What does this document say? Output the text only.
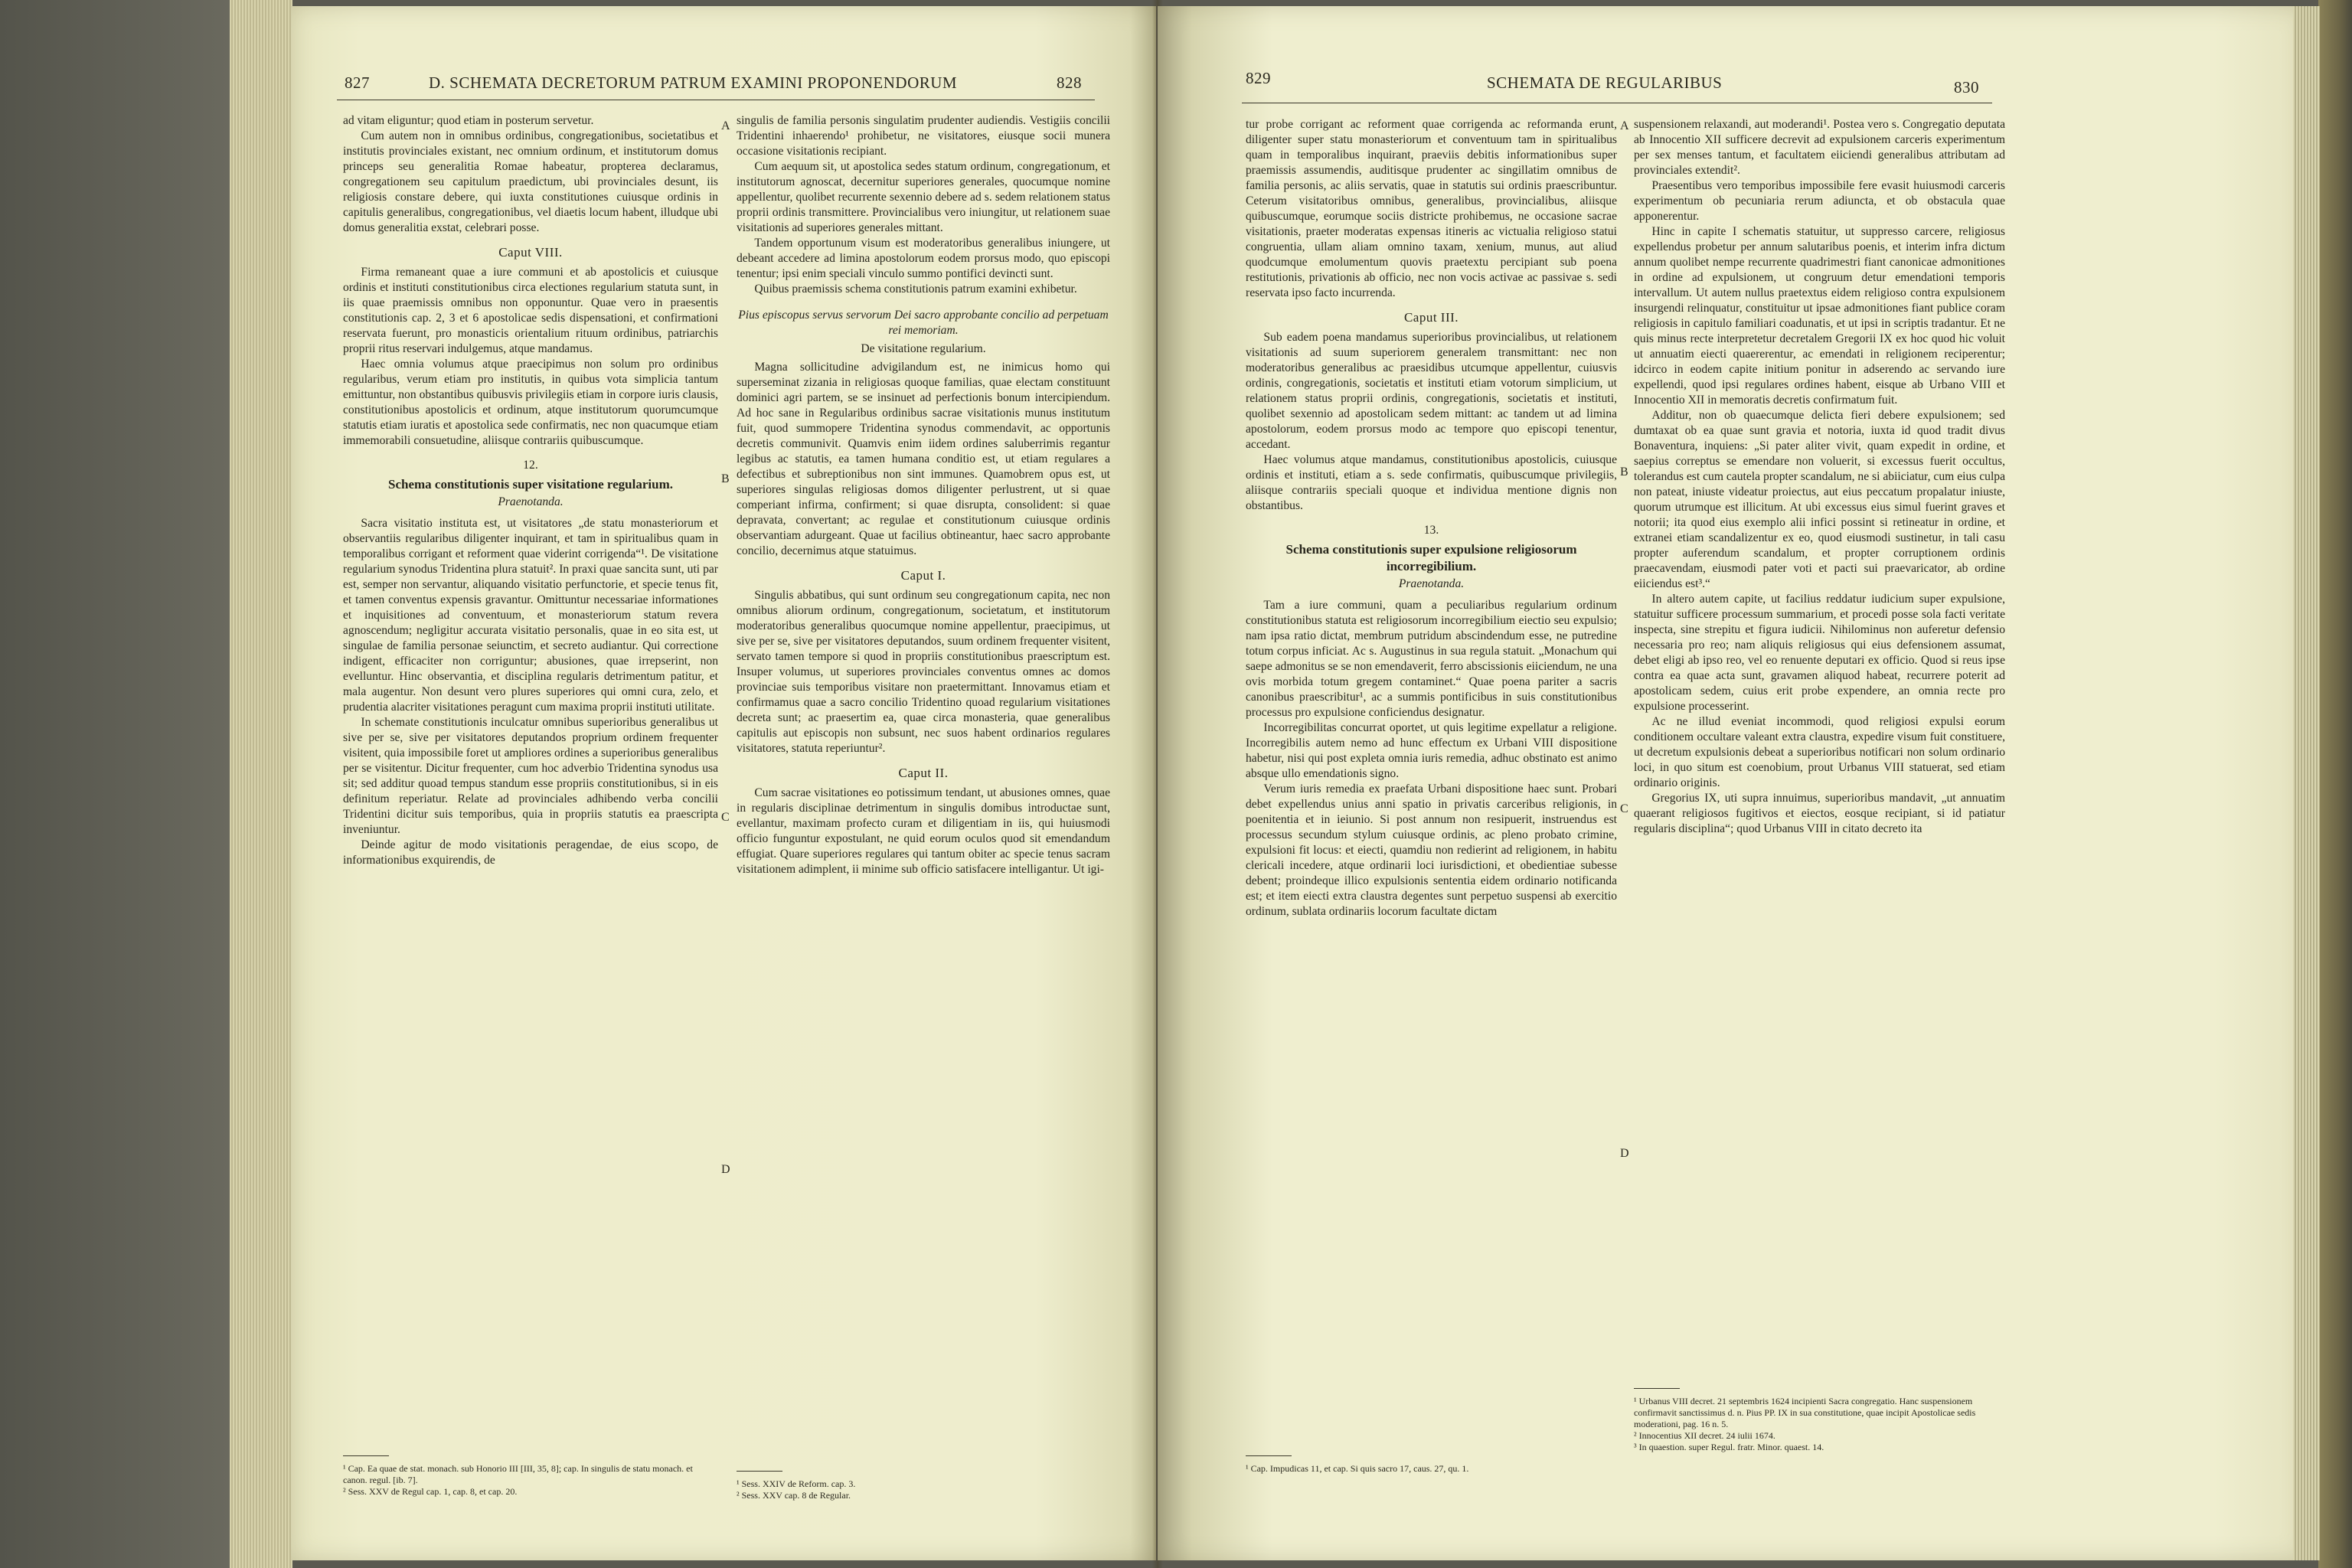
827	D. SCHEMATA DECRETORUM PATRUM EXAMINI PROPONENDORUM	828

ad vitam eliguntur; quod etiam in posterum servetur.

Cum autem non in omnibus ordinibus, congregationibus, societatibus et institutis provinciales existant, nec omnium ordinum, et institutorum domus princeps seu generalitia Romae habeatur, propterea declaramus, congregationem seu capitulum praedictum, ubi provinciales desunt, iis religiosis constare debere, qui iuxta constitutiones cuiusque ordinis in capitulis generalibus, congregationibus, vel diaetis locum habent, illudque ubi domus generalitia exstat, celebrari posse.

Caput VIII.

Firma remaneant quae a iure communi et ab apostolicis et cuiusque ordinis et instituti constitutionibus circa electiones regularium statuta sunt, in iis quae praemissis omnibus non opponuntur. Quae vero in praesentis constitutionis cap. 2, 3 et 6 apostolicae sedis dispensationi, et confirmationi reservata fuerunt, pro monasticis orientalium rituum ordinibus, patriarchis proprii ritus reservari indulgemus, atque mandamus.

Haec omnia volumus atque praecipimus non solum pro ordinibus regularibus, verum etiam pro institutis, in quibus vota simplicia tantum emittuntur, non obstantibus quibusvis privilegiis etiam in corpore iuris clausis, constitutionibus apostolicis et ordinum, atque institutorum quorumcumque statutis etiam iuratis et apostolica sede confirmatis, nec non quacumque etiam immemorabili consuetudine, aliisque contrariis quibuscumque.

12.
Schema constitutionis super visitatione regularium.
Praenotanda.

Sacra visitatio instituta est, ut visitatores „de statu monasteriorum et observantiis regularibus diligenter inquirant, et tam in spiritualibus quam in temporalibus corrigant et reforment quae viderint corrigenda“¹. De visitatione regularium synodus Tridentina plura statuit². In praxi quae sancita sunt, uti par est, semper non servantur, aliquando visitatio perfunctorie, et specie tenus fit, et tamen conventus expensis gravantur. Omittuntur necessariae informationes et inquisitiones ad conventuum, et monasteriorum statum revera agnoscendum; negligitur accurata visitatio personalis, quae in eo sita est, ut singulae de familia personae seiunctim, et secreto audiantur. Qui correctione indigent, efficaciter non corriguntur; abusiones, quae irrepserint, non evelluntur. Hinc observantia, et disciplina regularis detrimentum patitur, et mala augentur. Non desunt vero plures superiores qui omni cura, zelo, et prudentia alacriter visitationes peragunt cum maxima proprii instituti utilitate.

In schemate constitutionis inculcatur omnibus superioribus generalibus ut sive per se, sive per visitatores deputandos proprium ordinem frequenter visitent, quia impossibile foret ut ampliores ordines a superioribus generalibus per se visitentur. Dicitur frequenter, cum hoc adverbio Tridentina synodus usa sit; sed additur quoad tempus standum esse propriis constitutionibus, si in eis definitum reperiatur. Relate ad provinciales adhibendo verba concilii Tridentini dicitur suis temporibus, quia in propriis statutis ea praescripta inveniuntur.

Deinde agitur de modo visitationis peragendae, de eius scopo, de informationibus exquirendis, de

¹ Cap. Ea quae de stat. monach. sub Honorio III [III, 35, 8]; cap. In singulis de statu monach. et canon. regul. [ib. 7].
² Sess. XXV de Regul cap. 1, cap. 8, et cap. 20.
A
B
C
D

singulis de familia personis singulatim prudenter audiendis. Vestigiis concilii Tridentini inhaerendo¹ prohibetur, ne visitatores, eiusque socii munera occasione visitationis recipiant.

Cum aequum sit, ut apostolica sedes statum ordinum, congregationum, et institutorum agnoscat, decernitur superiores generales, quocumque nomine appellentur, quolibet recurrente sexennio debere ad s. sedem relationem status proprii ordinis transmittere. Provincialibus vero iniungitur, ut relationem suae visitationis ad superiores generales mittant.

Tandem opportunum visum est moderatoribus generalibus iniungere, ut debeant accedere ad limina apostolorum eodem prorsus modo, quo episcopi tenentur; ipsi enim speciali vinculo summo pontifici devincti sunt.

Quibus praemissis schema constitutionis patrum examini exhibetur.

Pius episcopus servus servorum Dei sacro approbante concilio ad perpetuam rei memoriam.
De visitatione regularium.

Magna sollicitudine advigilandum est, ne inimicus homo qui superseminat zizania in religiosas quoque familias, quae electam constituunt dominici agri partem, se se insinuet ad perfectionis bonum intercipiendum. Ad hoc sane in Regularibus ordinibus sacrae visitationis munus institutum fuit, quod summopere Tridentina synodus commendavit, ac opportunis decretis communivit. Quamvis enim iidem ordines saluberrimis regantur legibus ac statutis, ea tamen humana conditio est, ut etiam regulares a defectibus et subreptionibus non sint immunes. Quamobrem opus est, ut superiores singulas religiosas domos diligenter perlustrent, ut si quae comperiant infirma, confirment; si quae disrupta, consolident: si quae depravata, convertant; ac regulae et constitutionum cuiusque ordinis observantiam adurgeant. Quae ut facilius obtineantur, haec sacro approbante concilio, decernimus atque statuimus.

Caput I.

Singulis abbatibus, qui sunt ordinum seu congregationum capita, nec non omnibus aliorum ordinum, congregationum, societatum, et institutorum moderatoribus generalibus quocumque nomine appellentur, praecipimus, ut sive per se, sive per visitatores deputandos, suum ordinem frequenter visitent, servato tamen tempore si quod in propriis constitutionibus praescriptum est. Insuper volumus, ut superiores provinciales conventus omnes ac domos provinciae suis temporibus visitare non praetermittant. Innovamus etiam et confirmamus quae a sacro concilio Tridentino quoad regularium visitationes decreta sunt; ac praesertim ea, quae circa monasteria, quae generalibus capitulis aut episcopis non subsunt, nec suos habent ordinarios regulares visitatores, statuta reperiuntur².

Caput II.

Cum sacrae visitationes eo potissimum tendant, ut abusiones omnes, quae in regularis disciplinae detrimentum in singulis domibus introductae sunt, evellantur, maximam profecto curam et diligentiam in iis, qui huiusmodi officio funguntur expostulant, ne quid eorum oculos quod sit emendandum effugiat. Quare superiores regulares qui tantum obiter ac specie tenus sacram visitationem adimplent, ii minime sub officio satisfacere intelligantur. Ut igi-

¹ Sess. XXIV de Reform. cap. 3.
² Sess. XXV cap. 8 de Regular.
829	SCHEMATA DE REGULARIBUS	830

tur probe corrigant ac reforment quae corrigenda ac reformanda erunt, diligenter super statu monasteriorum et conventuum tam in spiritualibus quam in temporalibus inquirant, praeviis debitis informationibus super praemissis assumendis, auditisque prudenter ac singillatim omnibus de familia personis, ac aliis servatis, quae in statutis sui ordinis praescribuntur. Ceterum visitatoribus omnibus, generalibus, provincialibus, aliisque quibuscumque, eorumque sociis districte prohibemus, ne occasione sacrae visitationis, praeter moderatas expensas itineris ac victualia religioso statui congruentia, ullam aliam omnino taxam, xenium, munus, aut aliud quodcumque emolumentum quovis praetextu percipiant sub poena restitutionis, privationis ab officio, nec non vocis activae ac passivae s. sedi reservata ipso facto incurrenda.

Caput III.

Sub eadem poena mandamus superioribus provincialibus, ut relationem visitationis ad suum superiorem generalem transmittant: nec non moderatoribus generalibus ac praesidibus utcumque appellentur, cuiusvis ordinis, congregationis, societatis et instituti etiam votorum simplicium, ut relationem status proprii ordinis, congregationis, societatis et instituti, quolibet sexennio ad apostolicam sedem mittant: ac tandem ut ad limina apostolorum, eodem prorsus modo ac tempore quo episcopi tenentur, accedant.

Haec volumus atque mandamus, constitutionibus apostolicis, cuiusque ordinis et instituti, etiam a s. sede confirmatis, quibuscumque privilegiis, aliisque contrariis speciali quoque et individua mentione dignis non obstantibus.

13.
Schema constitutionis super expulsione religiosorum incorregibilium.
Praenotanda.

Tam a iure communi, quam a peculiaribus regularium ordinum constitutionibus statuta est religiosorum incorregibilium eiectio seu expulsio; nam ipsa ratio dictat, membrum putridum abscindendum esse, ne putredine totum corpus inficiat. Ac s. Augustinus in sua regula statuit. „Monachum qui saepe admonitus se se non emendaverit, ferro abscissionis eiiciendum, ne una ovis morbida totum gregem contaminet.“ Quae poena pariter a sacris canonibus praescribitur¹, ac a summis pontificibus in suis constitutionibus processus pro expulsione conficiendus designatur.

Incorregibilitas concurrat oportet, ut quis legitime expellatur a religione. Incorregibilis autem nemo ad hunc effectum ex Urbani VIII dispositione habetur, nisi qui post expleta omnia iuris remedia, adhuc obstinato est animo absque ullo emendationis signo.

Verum iuris remedia ex praefata Urbani dispositione haec sunt. Probari debet expellendus unius anni spatio in privatis carceribus religionis, in poenitentia et in ieiunio. Si post annum non resipuerit, instruendus est processus secundum stylum cuiusque ordinis, ac pleno probato crimine, expulsioni fit locus: et eiecti, quamdiu non redierint ad religionem, in habitu clericali incedere, atque ordinarii loci iurisdictioni, et obedientiae subesse debent; proindeque illico expulsionis sententia eidem ordinario notificanda est; et item eiecti extra claustra degentes sunt perpetuo suspensi ab exercitio ordinum, sublata ordinariis locorum facultate dictam

¹ Cap. Impudicas 11, et cap. Si quis sacro 17, caus. 27, qu. 1.
A
B
C
D

suspensionem relaxandi, aut moderandi¹. Postea vero s. Congregatio deputata ab Innocentio XII sufficere decrevit ad expulsionem carceris experimentum per sex menses tantum, et facultatem eiiciendi generalibus attributam ad provinciales extendit².

Praesentibus vero temporibus impossibile fere evasit huiusmodi carceris experimentum ob pecuniaria rerum adiuncta, et ob obstacula quae apponerentur.

Hinc in capite I schematis statuitur, ut suppresso carcere, religiosus expellendus probetur per annum salutaribus poenis, et interim infra dictum annum quolibet nempe recurrente quadrimestri fiant canonicae admonitiones in ordine ad expulsionem, ut congruum detur emendationi temporis intervallum. Ut autem nullus praetextus eidem religioso contra expulsionem insurgendi relinquatur, constituitur ut ipsae admonitiones fiant publice coram religiosis in capitulo familiari coadunatis, et ut ipsi in scriptis tradantur. Et ne quis minus recte interpretetur decretalem Gregorii IX ex hoc quod hic voluit ut annuatim eiecti quaererentur, ac emendati in religionem reciperentur; idcirco in eodem capite initium ponitur in adserendo ac servando iure expellendi, quod ipsi regulares ordines habent, eisque ab Urbano VIII et Innocentio XII in memoratis decretis confirmatum fuit.

Additur, non ob quaecumque delicta fieri debere expulsionem; sed dumtaxat ob ea quae sunt gravia et notoria, iuxta id quod tradit divus Bonaventura, inquiens: „Si pater aliter vivit, quam expedit in ordine, et saepius correptus se emendare non voluerit, si excessus fuerit occultus, tolerandus est cum cautela propter scandalum, ne si abiiciatur, cum eius culpa non pateat, iniuste videatur proiectus, aut eius peccatum propalatur iniuste, quorum utrumque est illicitum. At ubi excessus eius simul fuerint graves et notorii; ita quod eius exemplo alii infici possint si retineatur in ordine, et extranei etiam scandalizentur ex eo, quod eiusmodi sustinetur, in tali casu propter auferendum scandalum, et propter corruptionem ordinis praecavendam, eiusmodi pater voti et pacti sui praevaricator, ab ordine eiiciendus est³.“

In altero autem capite, ut facilius reddatur iudicium super expulsione, statuitur sufficere processum summarium, et procedi posse sola facti veritate inspecta, sine strepitu et figura iudicii. Nihilominus non auferetur defensio necessaria pro reo; nam aliquis religiosus qui eius defensionem assumat, debet eligi ab ipso reo, vel eo renuente deputari ex officio. Quod si reus ipse contra ea quae acta sunt, gravamen aliquod habeat, recurrere poterit ad apostolicam sedem, cuius erit probe expendere, an omnia recte pro expulsione processerint.

Ac ne illud eveniat incommodi, quod religiosi expulsi eorum conditionem occultare valeant extra claustra, expedire visum fuit constituere, ut decretum expulsionis debeat a superioribus notificari non solum ordinario loci, in quo situm est coenobium, prout Urbanus VIII statuerat, sed etiam ordinario originis.

Gregorius IX, uti supra innuimus, superioribus mandavit, „ut annuatim quaerant religiosos fugitivos et eiectos, eosque recipiant, si id patiatur regularis disciplina“; quod Urbanus VIII in citato decreto ita

¹ Urbanus VIII decret. 21 septembris 1624 incipienti Sacra congregatio. Hanc suspensionem confirmavit sanctissimus d. n. Pius PP. IX in sua constitutione, quae incipit Apostolicae sedis moderationi, pag. 16 n. 5.
² Innocentius XII decret. 24 iulii 1674.
³ In quaestion. super Regul. fratr. Minor. quaest. 14.
